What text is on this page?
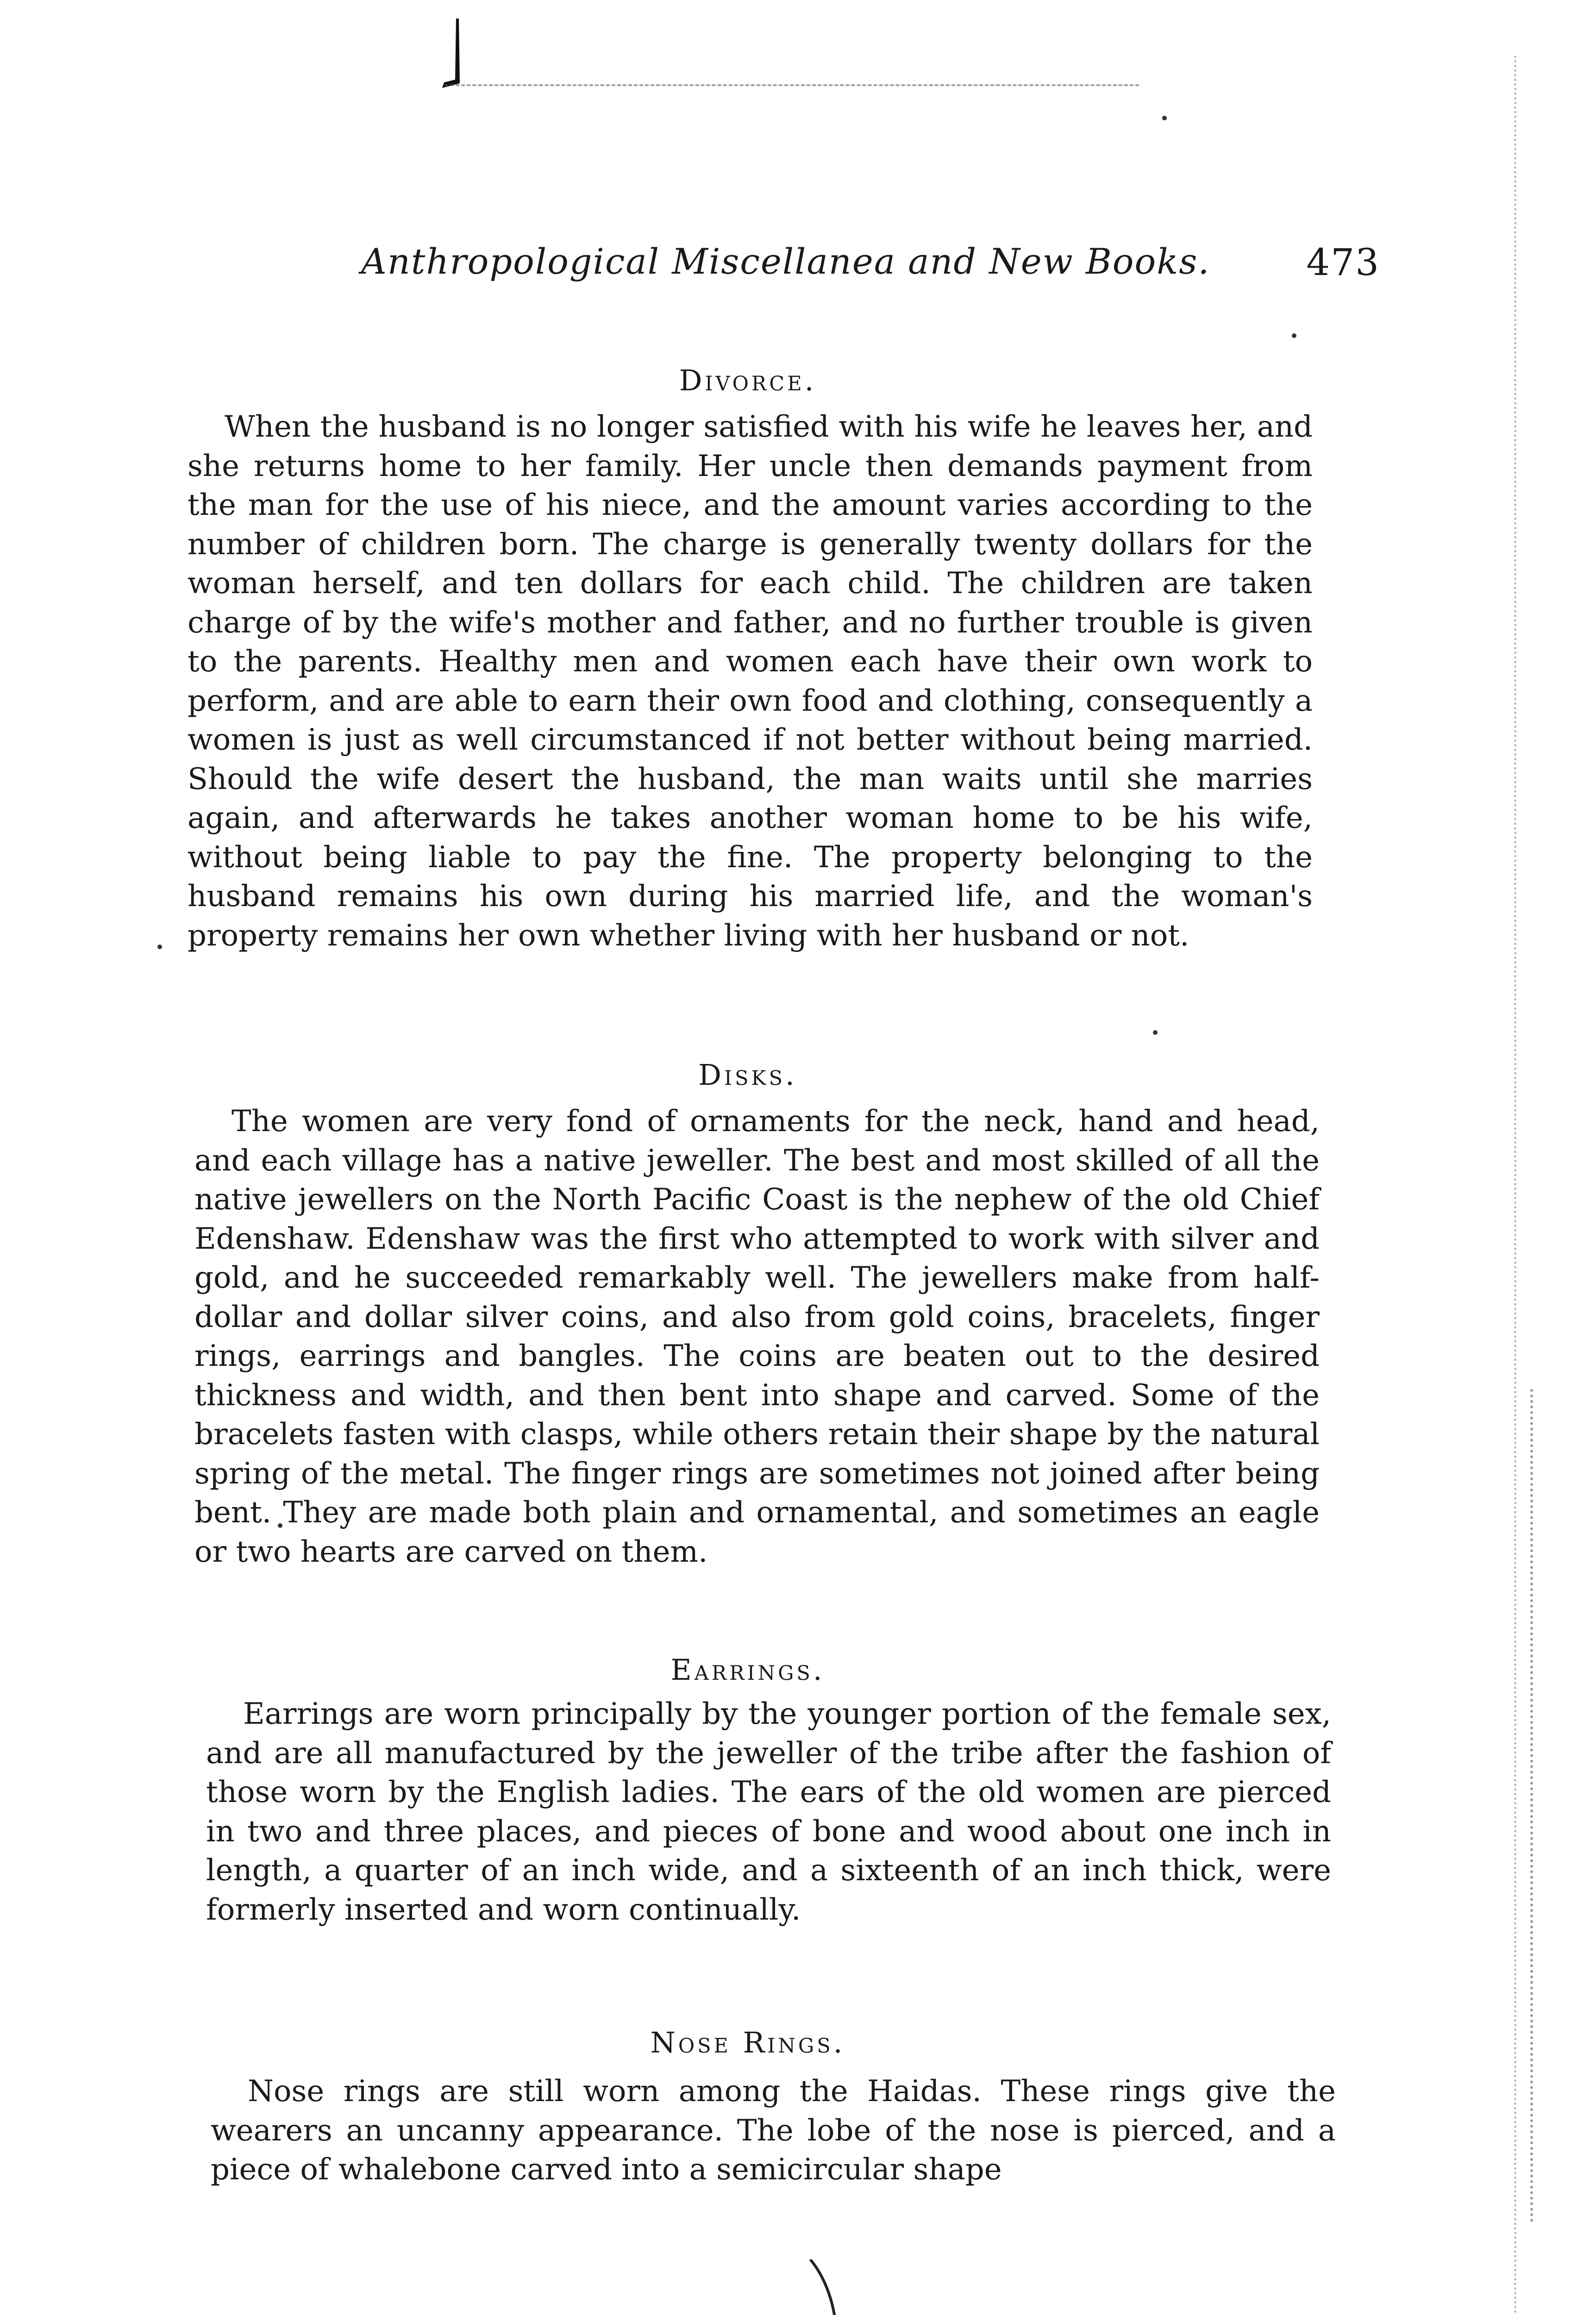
Anthropological Miscellanea and New Books.	473
Divorce.
When the husband is no longer satisfied with his wife he leaves her, and she returns home to her family. Her uncle then demands payment from the man for the use of his niece, and the amount varies according to the number of children born. The charge is generally twenty dollars for the woman herself, and ten dollars for each child. The children are taken charge of by the wife's mother and father, and no further trouble is given to the parents. Healthy men and women each have their own work to perform, and are able to earn their own food and clothing, consequently a women is just as well circumstanced if not better without being married. Should the wife desert the husband, the man waits until she marries again, and afterwards he takes another woman home to be his wife, without being liable to pay the fine. The property belonging to the husband remains his own during his married life, and the woman's property remains her own whether living with her husband or not.
Disks.
The women are very fond of ornaments for the neck, hand and head, and each village has a native jeweller. The best and most skilled of all the native jewellers on the North Pacific Coast is the nephew of the old Chief Edenshaw. Edenshaw was the first who attempted to work with silver and gold, and he succeeded remarkably well. The jewellers make from half-dollar and dollar silver coins, and also from gold coins, bracelets, finger rings, earrings and bangles. The coins are beaten out to the desired thickness and width, and then bent into shape and carved. Some of the bracelets fasten with clasps, while others retain their shape by the natural spring of the metal. The finger rings are sometimes not joined after being bent. They are made both plain and ornamental, and sometimes an eagle or two hearts are carved on them.
Earrings.
Earrings are worn principally by the younger portion of the female sex, and are all manufactured by the jeweller of the tribe after the fashion of those worn by the English ladies. The ears of the old women are pierced in two and three places, and pieces of bone and wood about one inch in length, a quarter of an inch wide, and a sixteenth of an inch thick, were formerly inserted and worn continually.
Nose Rings.
Nose rings are still worn among the Haidas. These rings give the wearers an uncanny appearance. The lobe of the nose is pierced, and a piece of whalebone carved into a semicircular shape
